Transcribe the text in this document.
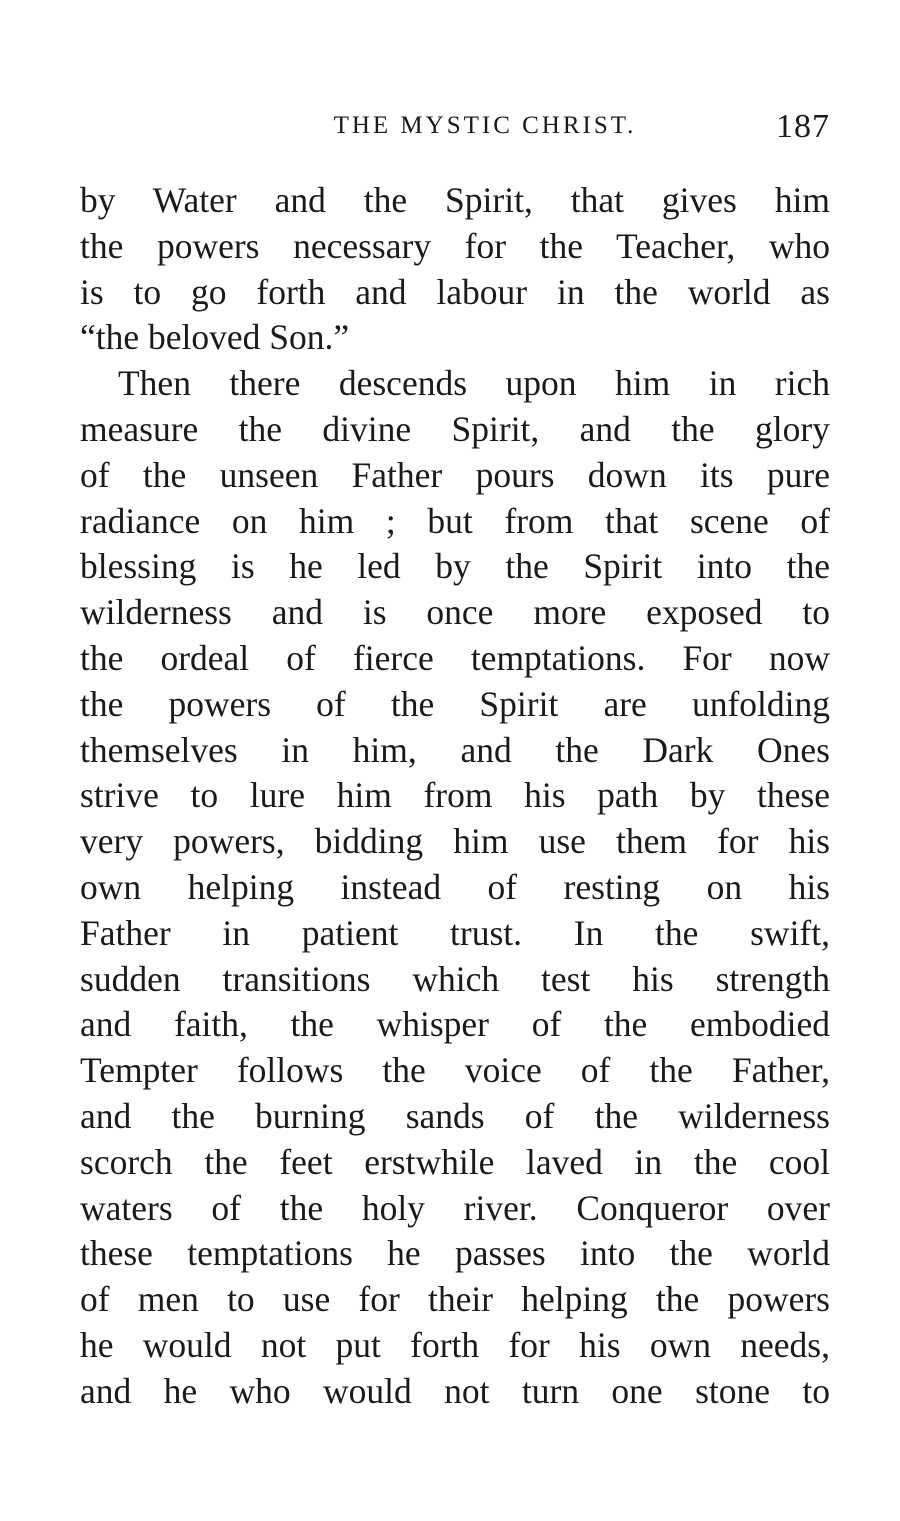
THE MYSTIC CHRIST.	187
by Water and the Spirit, that gives him
the powers necessary for the Teacher, who
is to go forth and labour in the world as
“the beloved Son.”
Then there descends upon him in rich
measure the divine Spirit, and the glory
of the unseen Father pours down its pure
radiance on him ; but from that scene of
blessing is he led by the Spirit into the
wilderness and is once more exposed to
the ordeal of fierce temptations. For now
the powers of the Spirit are unfolding
themselves in him, and the Dark Ones
strive to lure him from his path by these
very powers, bidding him use them for his
own helping instead of resting on his
Father in patient trust. In the swift,
sudden transitions which test his strength
and faith, the whisper of the embodied
Tempter follows the voice of the Father,
and the burning sands of the wilderness
scorch the feet erstwhile laved in the cool
waters of the holy river. Conqueror over
these temptations he passes into the world
of men to use for their helping the powers
he would not put forth for his own needs,
and he who would not turn one stone to
